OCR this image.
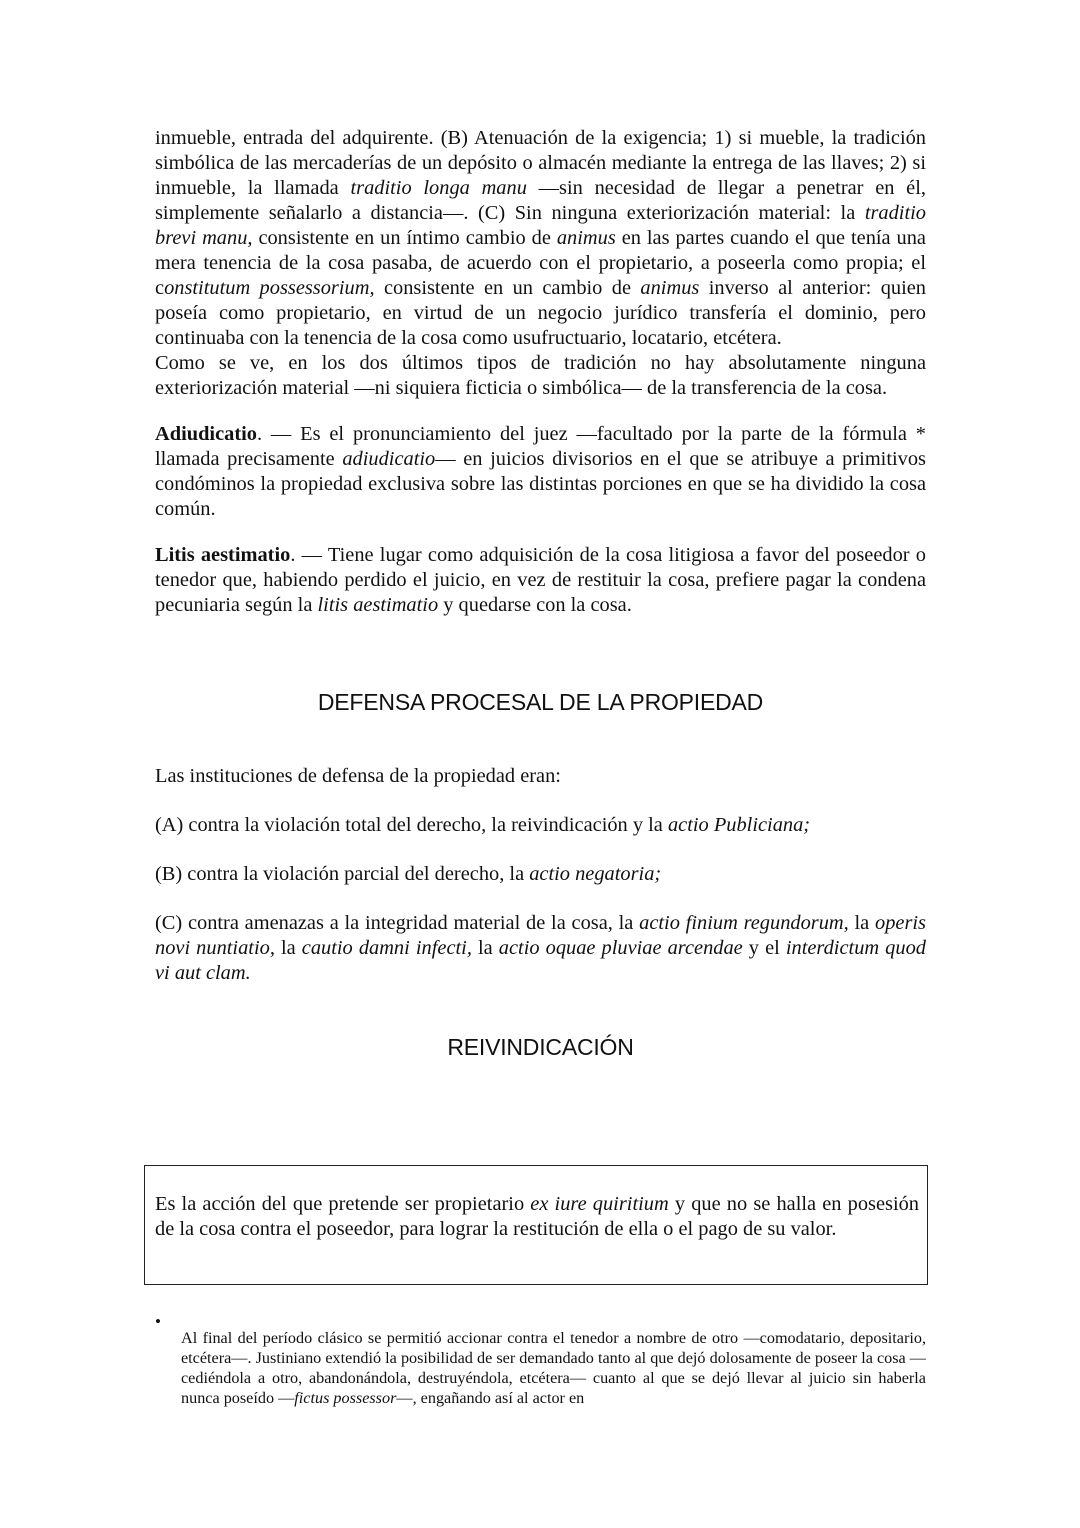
inmueble, entrada del adquirente. (B) Atenuación de la exigencia; 1) si mueble, la tradición simbólica de las mercaderías de un depósito o almacén mediante la entrega de las llaves; 2) si inmueble, la llamada traditio longa manu —sin necesidad de llegar a penetrar en él, simplemente señalarlo a distancia—. (C) Sin ninguna exteriorización material: la traditio brevi manu, consistente en un íntimo cambio de animus en las partes cuando el que tenía una mera tenencia de la cosa pasaba, de acuerdo con el propietario, a poseerla como propia; el constitutum possessorium, consistente en un cambio de animus inverso al anterior: quien poseía como propietario, en virtud de un negocio jurídico transfería el dominio, pero continuaba con la tenencia de la cosa como usufructuario, locatario, etcétera.

Como se ve, en los dos últimos tipos de tradición no hay absolutamente ninguna exteriorización material —ni siquiera ficticia o simbólica— de la transferencia de la cosa.

Adiudicatio. — Es el pronunciamiento del juez —facultado por la parte de la fórmula * llamada precisamente adiudicatio— en juicios divisorios en el que se atribuye a primitivos condóminos la propiedad exclusiva sobre las distintas porciones en que se ha dividido la cosa común.

Litis aestimatio. — Tiene lugar como adquisición de la cosa litigiosa a favor del poseedor o tenedor que, habiendo perdido el juicio, en vez de restituir la cosa, prefiere pagar la condena pecuniaria según la litis aestimatio y quedarse con la cosa.

DEFENSA PROCESAL DE LA PROPIEDAD

Las instituciones de defensa de la propiedad eran:

(A) contra la violación total del derecho, la reivindicación y la actio Publiciana;

(B) contra la violación parcial del derecho, la actio negatoria;

(C) contra amenazas a la integridad material de la cosa, la actio finium regundorum, la operis novi nuntiatio, la cautio damni infecti, la actio oquae pluviae arcendae y el interdictum quod vi aut clam.

REIVINDICACIÓN

Es la acción del que pretende ser propietario ex iure quiritium y que no se halla en posesión de la cosa contra el poseedor, para lograr la restitución de ella o el pago de su valor.

•

Al final del período clásico se permitió accionar contra el tenedor a nombre de otro —comodatario, depositario, etcétera—. Justiniano extendió la posibilidad de ser demandado tanto al que dejó dolosamente de poseer la cosa —cediéndola a otro, abandonándola, destruyéndola, etcétera— cuanto al que se dejó llevar al juicio sin haberla nunca poseído —fictus possessor—, engañando así al actor en
